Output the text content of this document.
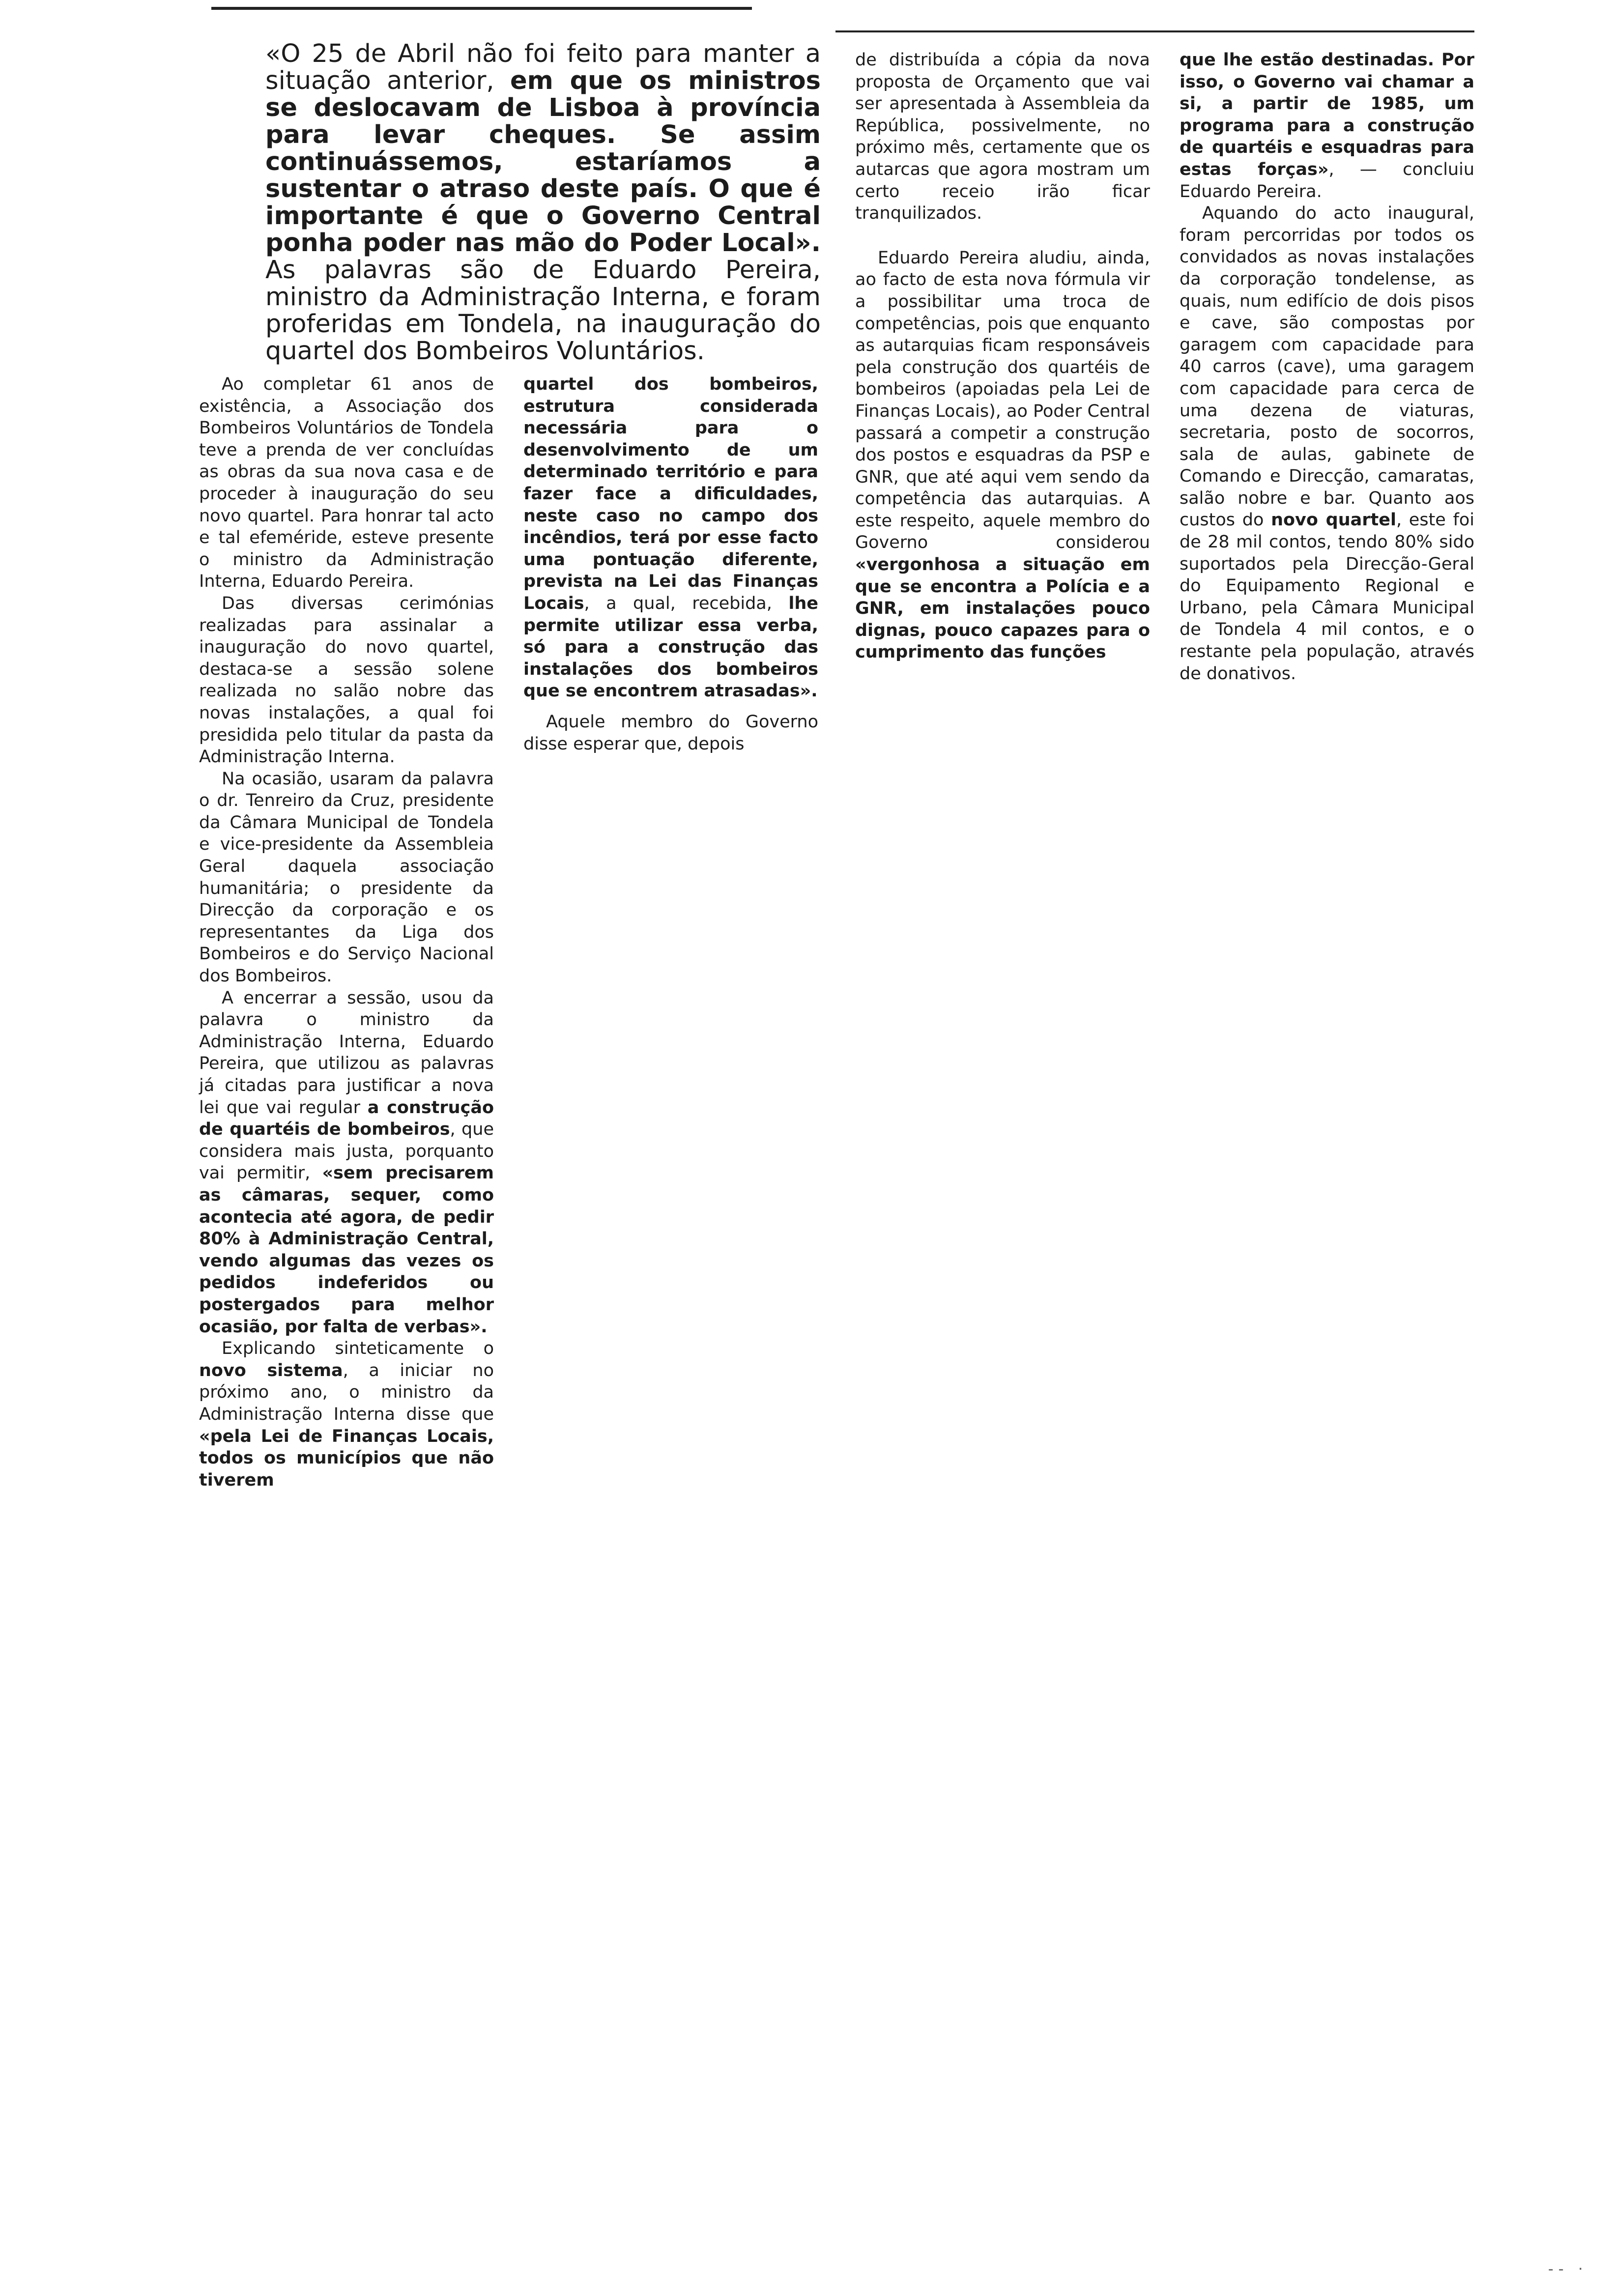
«O 25 de Abril não foi feito para manter a situação anterior, em que os ministros se deslocavam de Lisboa à província para levar cheques. Se assim continuássemos, estaríamos a sustentar o atraso deste país. O que é importante é que o Governo Central ponha poder nas mão do Poder Local». As palavras são de Eduardo Pereira, ministro da Administração Interna, e foram proferidas em Tondela, na inauguração do quartel dos Bombeiros Voluntários.

Ao completar 61 anos de existência, a Associação dos Bombeiros Voluntários de Tondela teve a prenda de ver concluídas as obras da sua nova casa e de proceder à inauguração do seu novo quartel. Para honrar tal acto e tal efeméride, esteve presente o ministro da Administração Interna, Eduardo Pereira.

Das diversas cerimónias realizadas para assinalar a inauguração do novo quartel, destaca-se a sessão solene realizada no salão nobre das novas instalações, a qual foi presidida pelo titular da pasta da Administração Interna.

Na ocasião, usaram da palavra o dr. Tenreiro da Cruz, presidente da Câmara Municipal de Tondela e vice-presidente da Assembleia Geral daquela associação humanitária; o presidente da Direcção da corporação e os representantes da Liga dos Bombeiros e do Serviço Nacional dos Bombeiros.

A encerrar a sessão, usou da palavra o ministro da Administração Interna, Eduardo Pereira, que utilizou as palavras já citadas para justificar a nova lei que vai regular a construção de quartéis de bombeiros, que considera mais justa, porquanto vai permitir, «sem precisarem as câmaras, sequer, como acontecia até agora, de pedir 80% à Administração Central, vendo algumas das vezes os pedidos indeferidos ou postergados para melhor ocasião, por falta de verbas».

Explicando sinteticamente o novo sistema, a iniciar no próximo ano, o ministro da Administração Interna disse que «pela Lei de Finanças Locais, todos os municípios que não tiverem

quartel dos bombeiros, estrutura considerada necessária para o desenvolvimento de um determinado território e para fazer face a dificuldades, neste caso no campo dos incêndios, terá por esse facto uma pontuação diferente, prevista na Lei das Finanças Locais, a qual, recebida, lhe permite utilizar essa verba, só para a construção das instalações dos bombeiros que se encontrem atrasadas».

Aquele membro do Governo disse esperar que, depois

de distribuída a cópia da nova proposta de Orçamento que vai ser apresentada à Assembleia da República, possivelmente, no próximo mês, certamente que os autarcas que agora mostram um certo receio irão ficar tranquilizados.

Eduardo Pereira aludiu, ainda, ao facto de esta nova fórmula vir a possibilitar uma troca de competências, pois que enquanto as autarquias ficam responsáveis pela construção dos quartéis de bombeiros (apoiadas pela Lei de Finanças Locais), ao Poder Central passará a competir a construção dos postos e esquadras da PSP e GNR, que até aqui vem sendo da competência das autarquias. A este respeito, aquele membro do Governo considerou «vergonhosa a situação em que se encontra a Polícia e a GNR, em instalações pouco dignas, pouco capazes para o cumprimento das funções

que lhe estão destinadas. Por isso, o Governo vai chamar a si, a partir de 1985, um programa para a construção de quartéis e esquadras para estas forças», — concluiu Eduardo Pereira.

Aquando do acto inaugural, foram percorridas por todos os convidados as novas instalações da corporação tondelense, as quais, num edifício de dois pisos e cave, são compostas por garagem com capacidade para 40 carros (cave), uma garagem com capacidade para cerca de uma dezena de viaturas, secretaria, posto de socorros, sala de aulas, gabinete de Comando e Direcção, camaratas, salão nobre e bar. Quanto aos custos do novo quartel, este foi de 28 mil contos, tendo 80% sido suportados pela Direcção-Geral do Equipamento Regional e Urbano, pela Câmara Municipal de Tondela 4 mil contos, e o restante pela população, através de donativos.

-- ·
